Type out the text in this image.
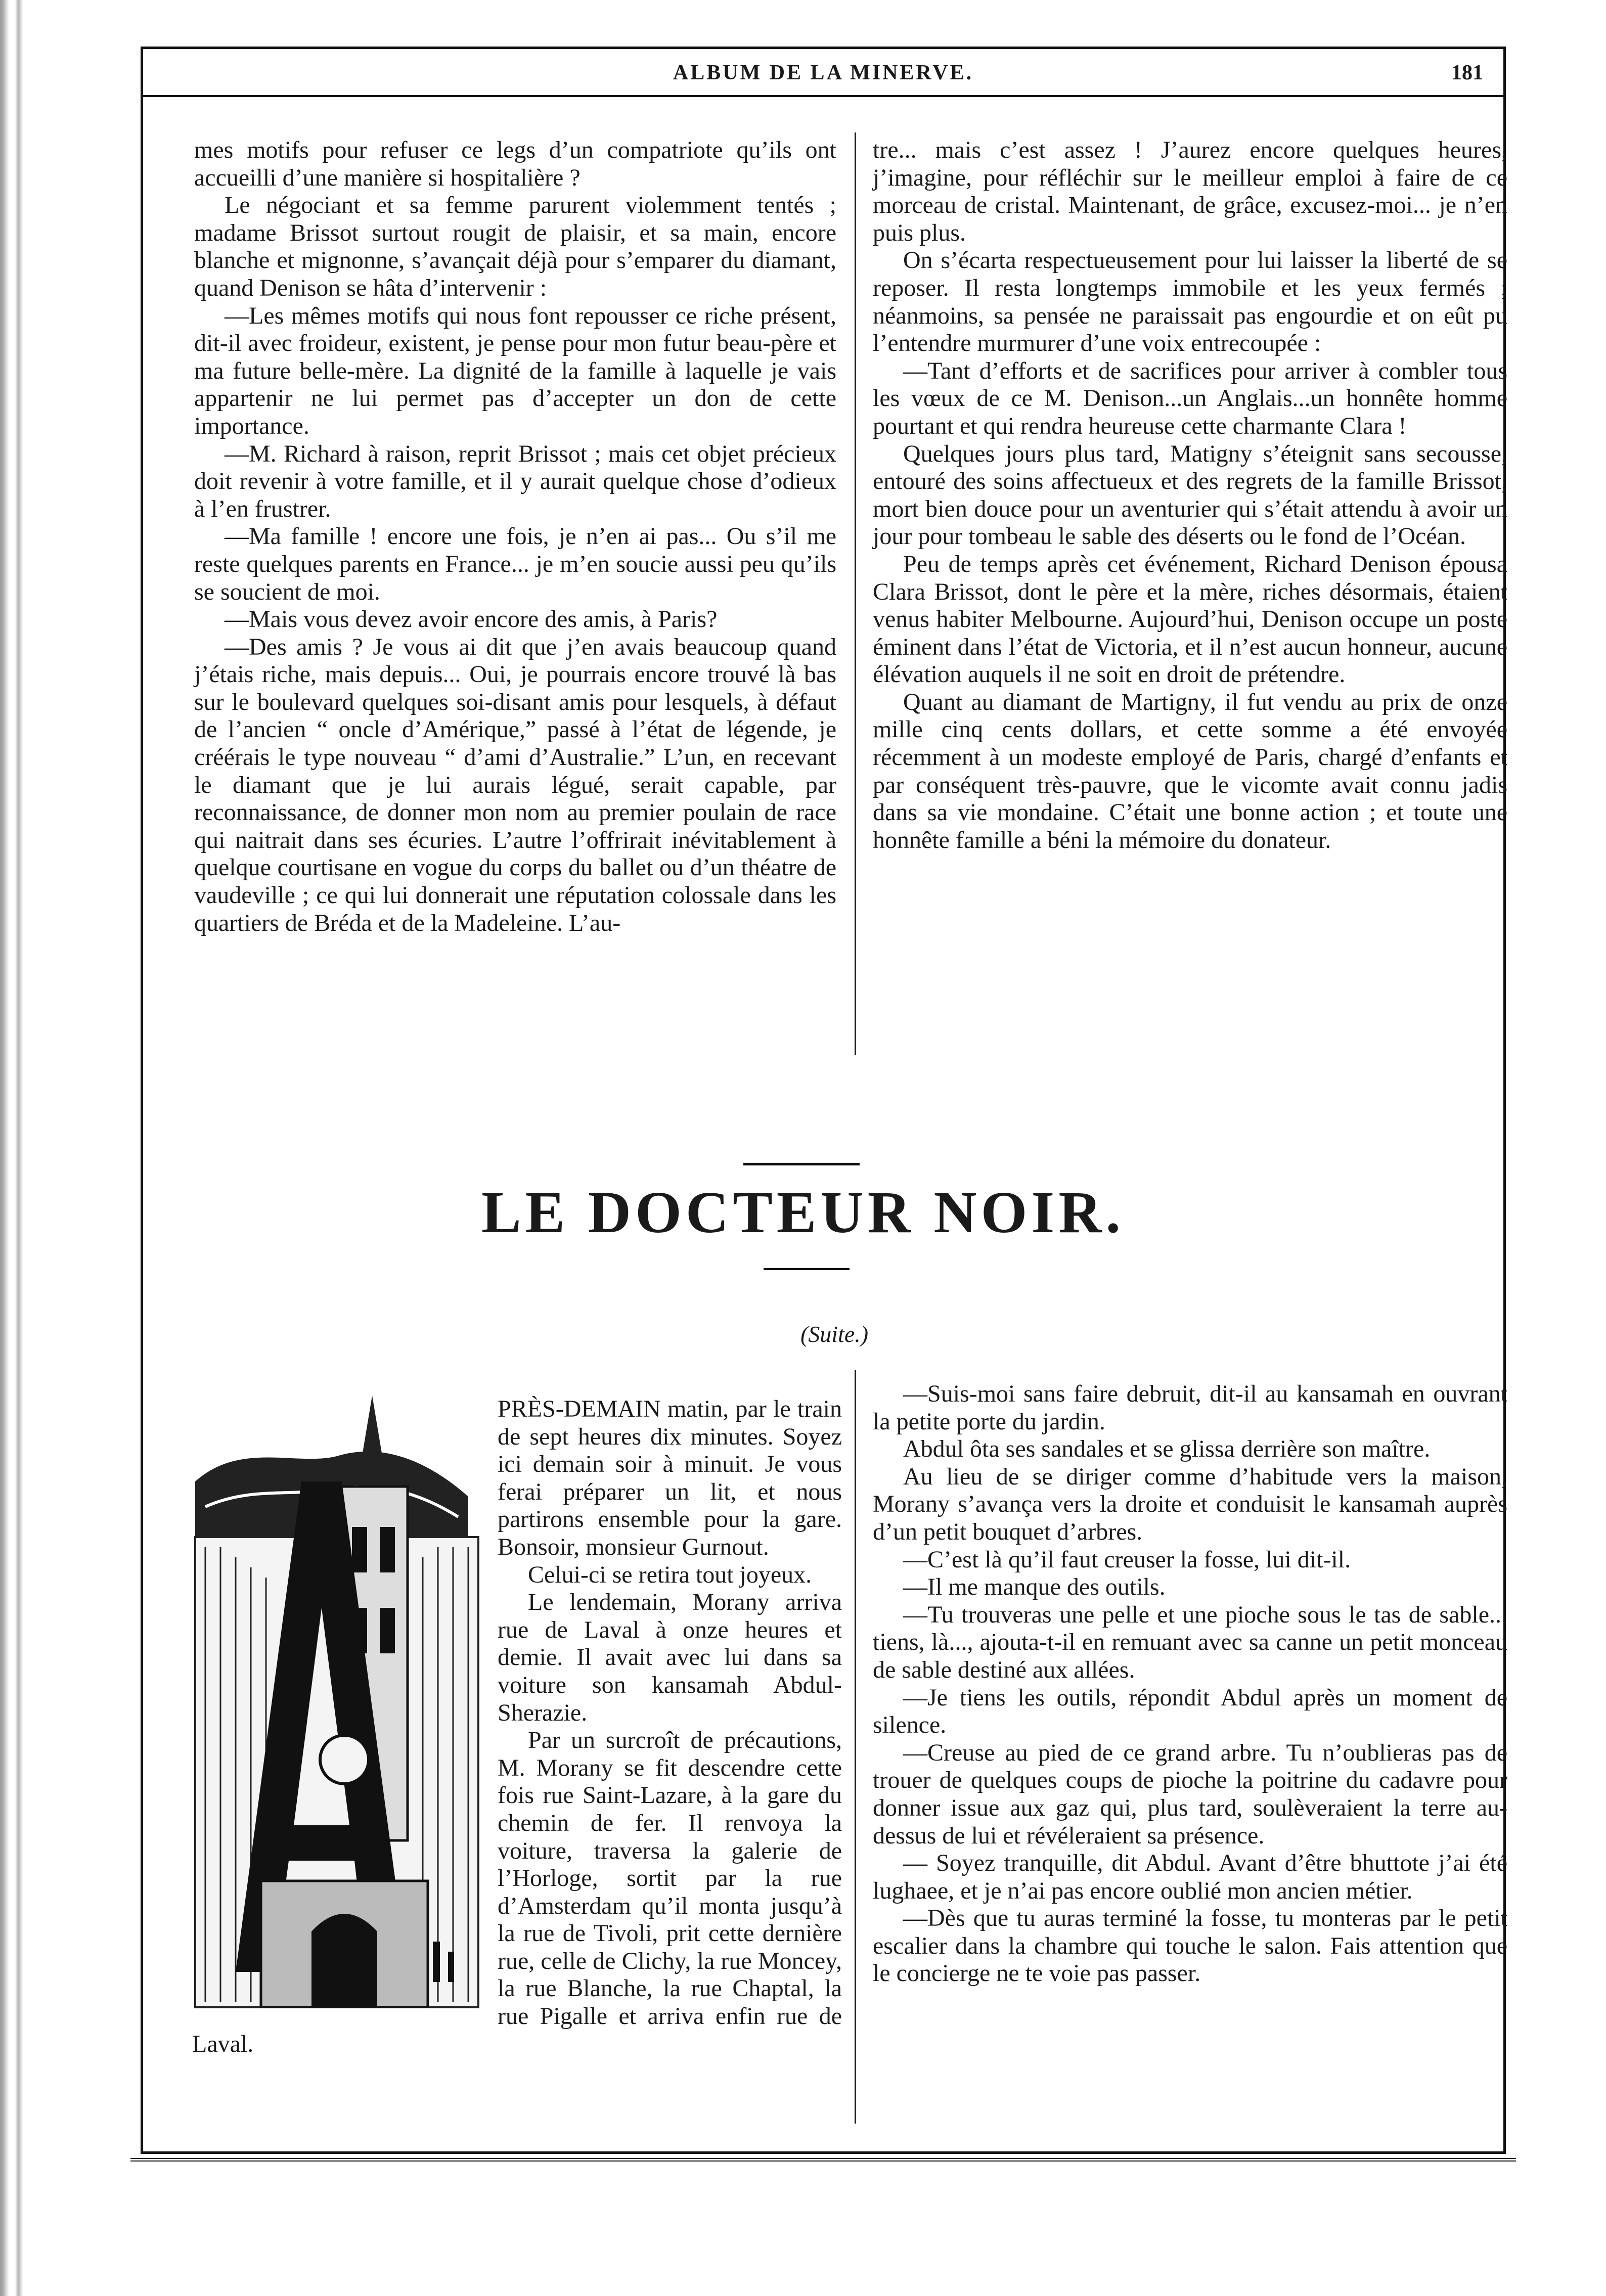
ALBUM DE LA MINERVE.	181

mes motifs pour refuser ce legs d’un compatriote qu’ils ont accueilli d’une manière si hospitalière ?

Le négociant et sa femme parurent violemment tentés ; madame Brissot surtout rougit de plaisir, et sa main, encore blanche et mignonne, s’avançait déjà pour s’emparer du diamant, quand Denison se hâta d’intervenir :

—Les mêmes motifs qui nous font repousser ce riche présent, dit-il avec froideur, existent, je pense pour mon futur beau-père et ma future belle-mère. La dignité de la famille à laquelle je vais appartenir ne lui permet pas d’accepter un don de cette importance.

—M. Richard à raison, reprit Brissot ; mais cet objet précieux doit revenir à votre famille, et il y aurait quelque chose d’odieux à l’en frustrer.

—Ma famille ! encore une fois, je n’en ai pas... Ou s’il me reste quelques parents en France... je m’en soucie aussi peu qu’ils se soucient de moi.

—Mais vous devez avoir encore des amis, à Paris?

—Des amis ? Je vous ai dit que j’en avais beaucoup quand j’étais riche, mais depuis... Oui, je pourrais encore trouvé là bas sur le boulevard quelques soi-disant amis pour lesquels, à défaut de l’ancien “ oncle d’Amérique,” passé à l’état de légende, je créérais le type nouveau “ d’ami d’Australie.” L’un, en recevant le diamant que je lui aurais légué, serait capable, par reconnaissance, de donner mon nom au premier poulain de race qui naitrait dans ses écuries. L’autre l’offrirait inévitablement à quelque courtisane en vogue du corps du ballet ou d’un théatre de vaudeville ; ce qui lui donnerait une réputation colossale dans les quartiers de Bréda et de la Madeleine. L’au-

tre... mais c’est assez ! J’aurez encore quelques heures, j’imagine, pour réfléchir sur le meilleur emploi à faire de ce morceau de cristal. Maintenant, de grâce, excusez-moi... je n’en puis plus.

On s’écarta respectueusement pour lui laisser la liberté de se reposer. Il resta longtemps immobile et les yeux fermés ; néanmoins, sa pensée ne paraissait pas engourdie et on eût pu l’entendre murmurer d’une voix entrecoupée :

—Tant d’efforts et de sacrifices pour arriver à combler tous les vœux de ce M. Denison...un Anglais...un honnête homme pourtant et qui rendra heureuse cette charmante Clara !

Quelques jours plus tard, Matigny s’éteignit sans secousse, entouré des soins affectueux et des regrets de la famille Brissot, mort bien douce pour un aventurier qui s’était attendu à avoir un jour pour tombeau le sable des déserts ou le fond de l’Océan.

Peu de temps après cet événement, Richard Denison épousa Clara Brissot, dont le père et la mère, riches désormais, étaient venus habiter Melbourne. Aujourd’hui, Denison occupe un poste éminent dans l’état de Victoria, et il n’est aucun honneur, aucune élévation auquels il ne soit en droit de prétendre.

Quant au diamant de Martigny, il fut vendu au prix de onze mille cinq cents dollars, et cette somme a été envoyée récemment à un modeste employé de Paris, chargé d’enfants et par conséquent très-pauvre, que le vicomte avait connu jadis dans sa vie mondaine. C’était une bonne action ; et toute une honnête famille a béni la mémoire du donateur.

LE DOCTEUR NOIR.
(Suite.)

PRÈS-DEMAIN matin, par le train de sept heures dix minutes. Soyez ici demain soir à minuit. Je vous ferai préparer un lit, et nous partirons ensemble pour la gare. Bonsoir, monsieur Gurnout.

Celui-ci se retira tout joyeux.

Le lendemain, Morany arriva rue de Laval à onze heures et demie. Il avait avec lui dans sa voiture son kansamah Abdul-Sherazie.

Par un surcroît de précautions, M. Morany se fit descendre cette fois rue Saint-Lazare, à la gare du chemin de fer. Il renvoya la voiture, traversa la galerie de l’Horloge, sortit par la rue d’Amsterdam qu’il monta jusqu’à la rue de Tivoli, prit cette dernière rue, celle de Clichy, la rue Moncey, la rue Blanche, la rue Chaptal, la rue Pigalle et arriva enfin rue de Laval.

—Suis-moi sans faire debruit, dit-il au kansamah en ouvrant la petite porte du jardin.

Abdul ôta ses sandales et se glissa derrière son maître.

Au lieu de se diriger comme d’habitude vers la maison, Morany s’avança vers la droite et conduisit le kansamah auprès d’un petit bouquet d’arbres.

—C’est là qu’il faut creuser la fosse, lui dit-il.

—Il me manque des outils.

—Tu trouveras une pelle et une pioche sous le tas de sable... tiens, là..., ajouta-t-il en remuant avec sa canne un petit monceau de sable destiné aux allées.

—Je tiens les outils, répondit Abdul après un moment de silence.

—Creuse au pied de ce grand arbre. Tu n’oublieras pas de trouer de quelques coups de pioche la poitrine du cadavre pour donner issue aux gaz qui, plus tard, soulèveraient la terre au-dessus de lui et révéleraient sa présence.

— Soyez tranquille, dit Abdul. Avant d’être bhuttote j’ai été lughaee, et je n’ai pas encore oublié mon ancien métier.

—Dès que tu auras terminé la fosse, tu monteras par le petit escalier dans la chambre qui touche le salon. Fais attention que le concierge ne te voie pas passer.
